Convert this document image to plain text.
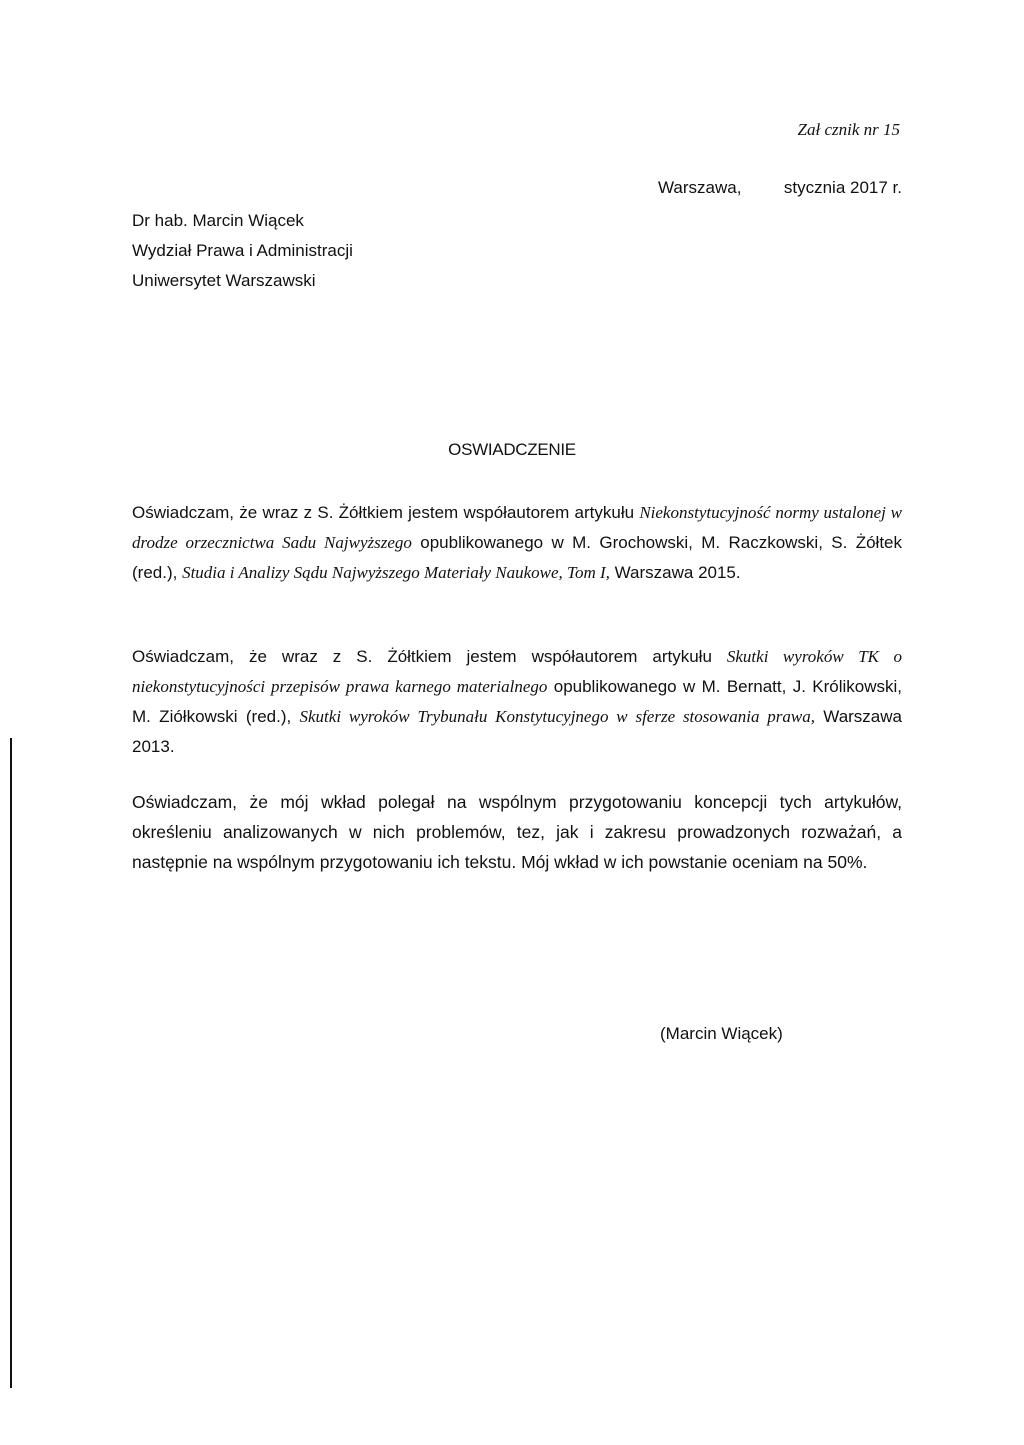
Zał cznik nr 15
Warszawa, stycznia 2017 r.
Dr hab. Marcin Wiącek
Wydział Prawa i Administracji
Uniwersytet Warszawski
OSWIADCZENIE
Oświadczam, że wraz z S. Żółtkiem jestem współautorem artykułu Niekonstytucyjność normy ustalonej w drodze orzecznictwa Sadu Najwyższego opublikowanego w M. Grochowski, M. Raczkowski, S. Żółtek (red.), Studia i Analizy Sądu Najwyższego Materiały Naukowe, Tom I, Warszawa 2015.
Oświadczam, że wraz z S. Żółtkiem jestem współautorem artykułu Skutki wyroków TK o niekonstytucyjności przepisów prawa karnego materialnego opublikowanego w M. Bernatt, J. Królikowski, M. Ziółkowski (red.), Skutki wyroków Trybunału Konstytucyjnego w sferze stosowania prawa, Warszawa 2013.
Oświadczam, że mój wkład polegał na wspólnym przygotowaniu koncepcji tych artykułów, określeniu analizowanych w nich problemów, tez, jak i zakresu prowadzonych rozważań, a następnie na wspólnym przygotowaniu ich tekstu. Mój wkład w ich powstanie oceniam na 50%.
(Marcin Wiącek)
